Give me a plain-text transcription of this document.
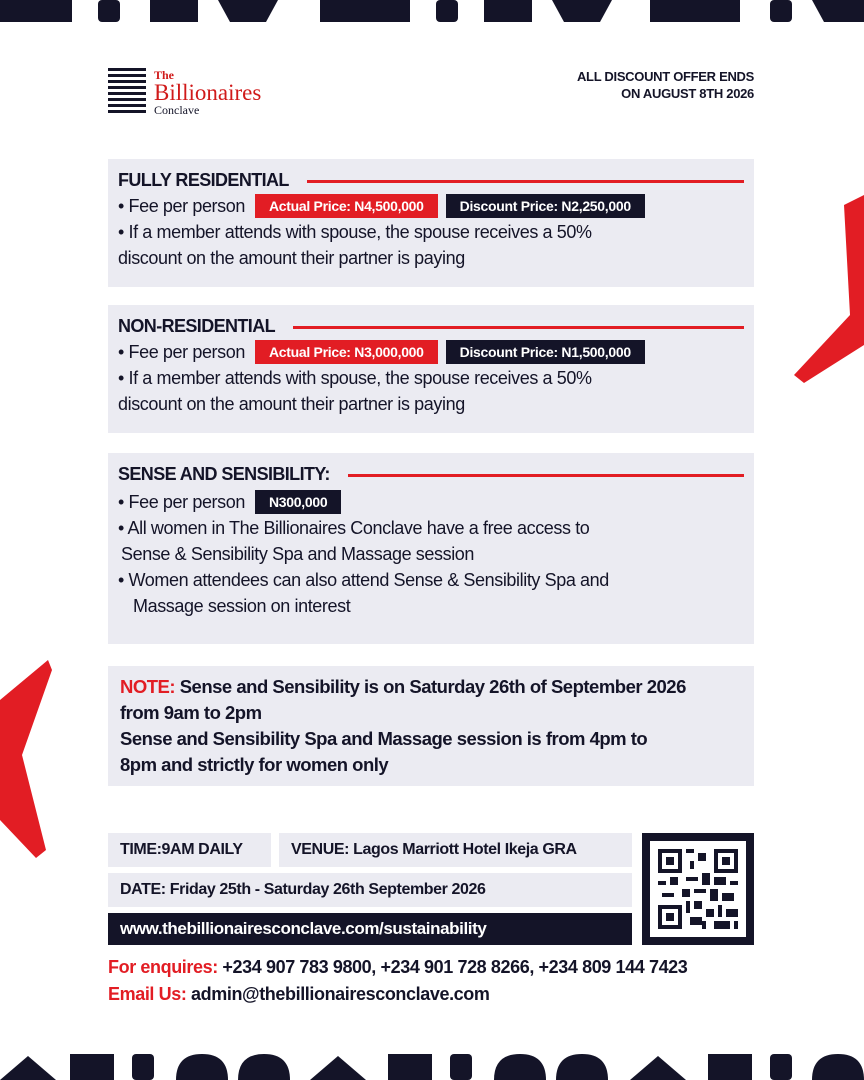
The
Billionaires
Conclave
ALL DISCOUNT OFFER ENDS
ON AUGUST 8TH 2026
FULLY RESIDENTIAL
• Fee per person	Actual Price: N4,500,000	Discount Price: N2,250,000
• If a member attends with spouse, the spouse receives a 50%
discount on the amount their partner is paying
NON-RESIDENTIAL
• Fee per person	Actual Price: N3,000,000	Discount Price: N1,500,000
• If a member attends with spouse, the spouse receives a 50%
discount on the amount their partner is paying
SENSE AND SENSIBILITY:
• Fee per person	N300,000
• All women in The Billionaires Conclave have a free access to
Sense & Sensibility Spa and Massage session
• Women attendees can also attend Sense & Sensibility Spa and
Massage session on interest
NOTE: Sense and Sensibility is on Saturday 26th of September 2026
from 9am to 2pm
Sense and Sensibility Spa and Massage session is from 4pm to
8pm and strictly for women only
TIME:9AM DAILY	VENUE: Lagos Marriott Hotel Ikeja GRA
DATE: Friday 25th - Saturday 26th September 2026
www.thebillionairesconclave.com/sustainability
For enquires: +234 907 783 9800, +234 901 728 8266, +234 809 144 7423
Email Us: admin@thebillionairesconclave.com
